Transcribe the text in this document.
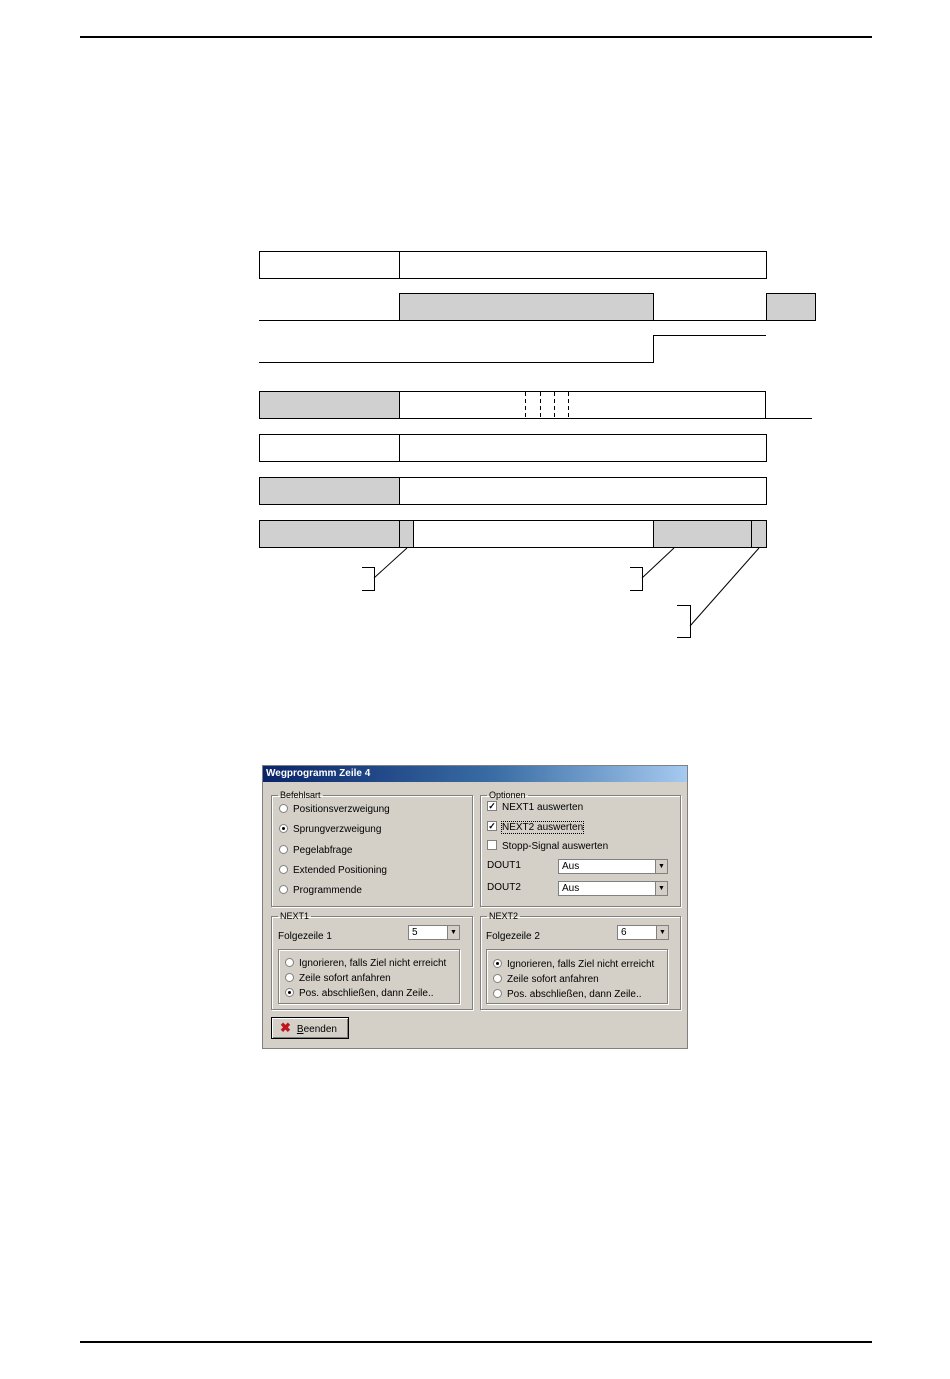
Wegprogramm Zeile 4
Befehlsart
Positionsverzweigung
Sprungverzweigung
Pegelabfrage
Extended Positioning
Programmende
Optionen
✓ NEXT1 auswerten
✓ NEXT2 auswerten
Stopp-Signal auswerten
DOUT1	Aus	▼
DOUT2	Aus	▼
NEXT1
Folgezeile 1	5	▼
Ignorieren, falls Ziel nicht erreicht
Zeile sofort anfahren
Pos. abschließen, dann Zeile..
NEXT2
Folgezeile 2	6	▼
Ignorieren, falls Ziel nicht erreicht
Zeile sofort anfahren
Pos. abschließen, dann Zeile..
✖ Beenden
